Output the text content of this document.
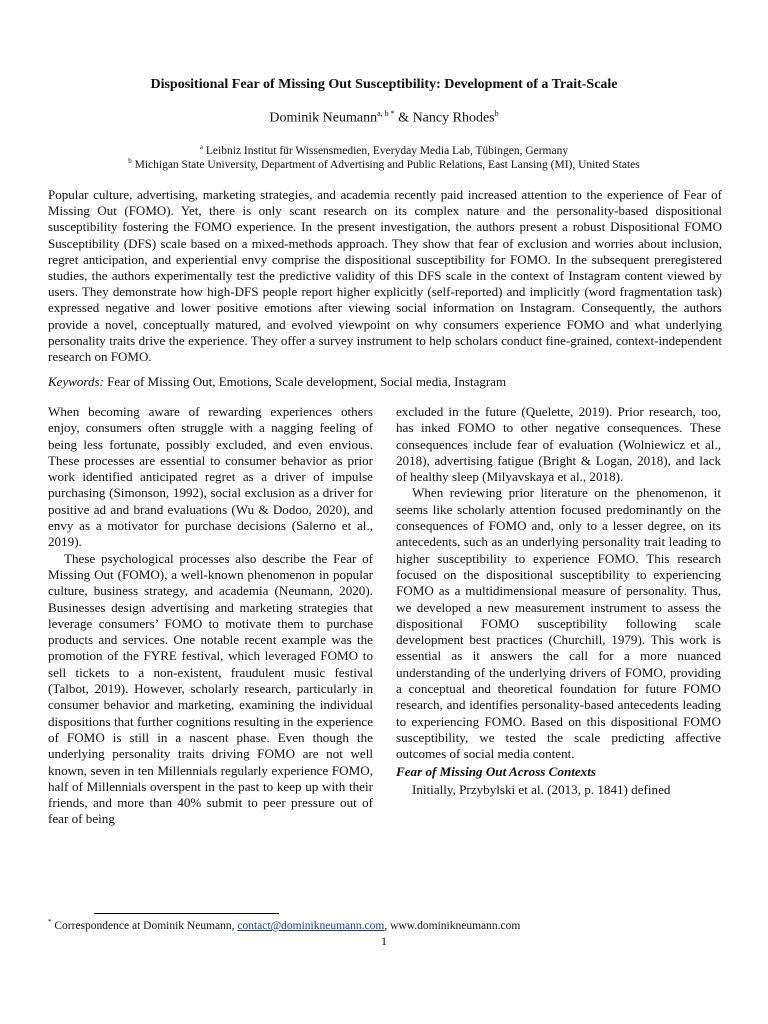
Dispositional Fear of Missing Out Susceptibility: Development of a Trait-Scale
Dominik Neumann$^{a, b *}$ & Nancy Rhodes$^b$
$^a$ Leibniz Institut für Wissensmedien, Everyday Media Lab, Tübingen, Germany
$^b$ Michigan State University, Department of Advertising and Public Relations, East Lansing (MI), United States

Popular culture, advertising, marketing strategies, and academia recently paid increased attention to the experience of Fear of Missing Out (FOMO). Yet, there is only scant research on its complex nature and the personality-based dispositional susceptibility fostering the FOMO experience. In the present investigation, the authors present a robust Dispositional FOMO Susceptibility (DFS) scale based on a mixed-methods approach. They show that fear of exclusion and worries about inclusion, regret anticipation, and experiential envy comprise the dispositional susceptibility for FOMO. In the subsequent preregistered studies, the authors experimentally test the predictive validity of this DFS scale in the context of Instagram content viewed by users. They demonstrate how high-DFS people report higher explicitly (self-reported) and implicitly (word fragmentation task) expressed negative and lower positive emotions after viewing social information on Instagram. Consequently, the authors provide a novel, conceptually matured, and evolved viewpoint on why consumers experience FOMO and what underlying personality traits drive the experience. They offer a survey instrument to help scholars conduct fine-grained, context-independent research on FOMO.

Keywords: Fear of Missing Out, Emotions, Scale development, Social media, Instagram

When becoming aware of rewarding experiences others enjoy, consumers often struggle with a nagging feeling of being less fortunate, possibly excluded, and even envious. These processes are essential to consumer behavior as prior work identified anticipated regret as a driver of impulse purchasing (Simonson, 1992), social exclusion as a driver for positive ad and brand evaluations (Wu & Dodoo, 2020), and envy as a motivator for purchase decisions (Salerno et al., 2019).

These psychological processes also describe the Fear of Missing Out (FOMO), a well-known phenomenon in popular culture, business strategy, and academia (Neumann, 2020). Businesses design advertising and marketing strategies that leverage consumers’ FOMO to motivate them to purchase products and services. One notable recent example was the promotion of the FYRE festival, which leveraged FOMO to sell tickets to a non-existent, fraudulent music festival (Talbot, 2019). However, scholarly research, particularly in consumer behavior and marketing, examining the individual dispositions that further cognitions resulting in the experience of FOMO is still in a nascent phase. Even though the underlying personality traits driving FOMO are not well known, seven in ten Millennials regularly experience FOMO, half of Millennials overspent in the past to keep up with their friends, and more than 40% submit to peer pressure out of fear of being

excluded in the future (Quelette, 2019). Prior research, too, has inked FOMO to other negative consequences. These consequences include fear of evaluation (Wolniewicz et al., 2018), advertising fatigue (Bright & Logan, 2018), and lack of healthy sleep (Milyavskaya et al., 2018).

When reviewing prior literature on the phenomenon, it seems like scholarly attention focused predominantly on the consequences of FOMO and, only to a lesser degree, on its antecedents, such as an underlying personality trait leading to higher susceptibility to experience FOMO. This research focused on the dispositional susceptibility to experiencing FOMO as a multidimensional measure of personality. Thus, we developed a new measurement instrument to assess the dispositional FOMO susceptibility following scale development best practices (Churchill, 1979). This work is essential as it answers the call for a more nuanced understanding of the underlying drivers of FOMO, providing a conceptual and theoretical foundation for future FOMO research, and identifies personality-based antecedents leading to experiencing FOMO. Based on this dispositional FOMO susceptibility, we tested the scale predicting affective outcomes of social media content.

Fear of Missing Out Across Contexts

Initially, Przybylski et al. (2013, p. 1841) defined

* Correspondence at Dominik Neumann, contact@dominikneumann.com, www.dominikneumann.com

1
